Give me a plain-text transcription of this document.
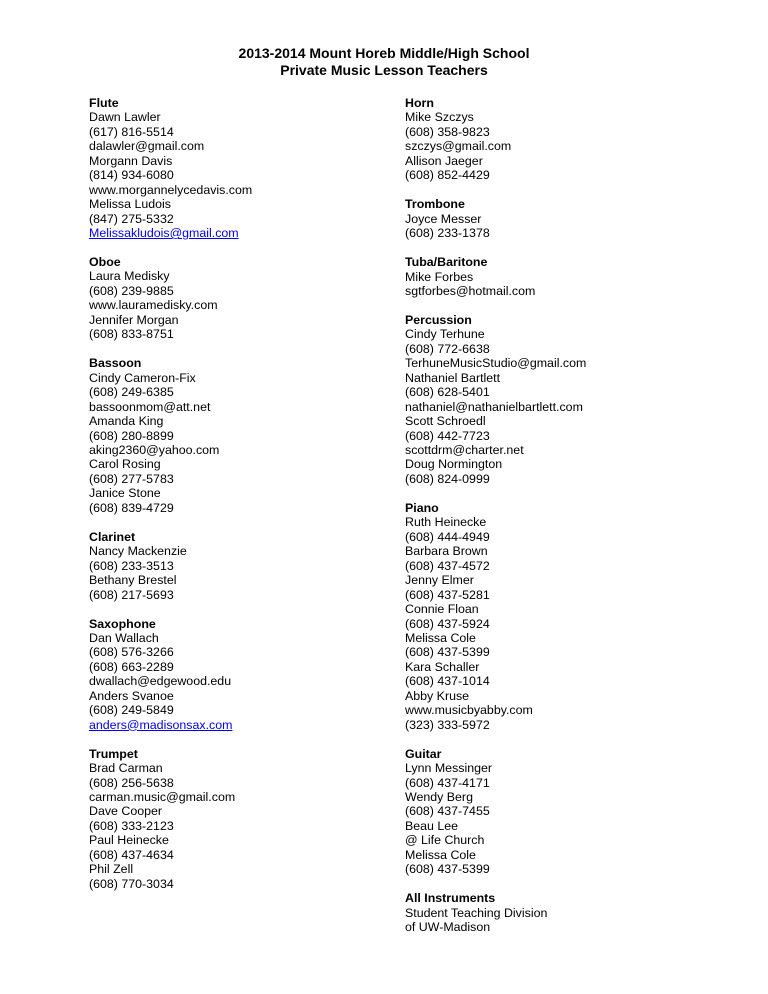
2013-2014 Mount Horeb Middle/High School
Private Music Lesson Teachers
Flute
Dawn Lawler
(617) 816-5514
dalawler@gmail.com
Morgann Davis
(814) 934-6080
www.morgannelycedavis.com
Melissa Ludois
(847) 275-5332
Melissakludois@gmail.com
Oboe
Laura Medisky
(608) 239-9885
www.lauramedisky.com
Jennifer Morgan
(608) 833-8751
Bassoon
Cindy Cameron-Fix
(608) 249-6385
bassoonmom@att.net
Amanda King
(608) 280-8899
aking2360@yahoo.com
Carol Rosing
(608) 277-5783
Janice Stone
(608) 839-4729
Clarinet
Nancy Mackenzie
(608) 233-3513
Bethany Brestel
(608) 217-5693
Saxophone
Dan Wallach
(608) 576-3266
(608) 663-2289
dwallach@edgewood.edu
Anders Svanoe
(608) 249-5849
anders@madisonsax.com
Trumpet
Brad Carman
(608) 256-5638
carman.music@gmail.com
Dave Cooper
(608) 333-2123
Paul Heinecke
(608) 437-4634
Phil Zell
(608) 770-3034
Horn
Mike Szczys
(608) 358-9823
szczys@gmail.com
Allison Jaeger
(608) 852-4429
Trombone
Joyce Messer
(608) 233-1378
Tuba/Baritone
Mike Forbes
sgtforbes@hotmail.com
Percussion
Cindy Terhune
(608) 772-6638
TerhuneMusicStudio@gmail.com
Nathaniel Bartlett
(608) 628-5401
nathaniel@nathanielbartlett.com
Scott Schroedl
(608) 442-7723
scottdrm@charter.net
Doug Normington
(608) 824-0999
Piano
Ruth Heinecke
(608) 444-4949
Barbara Brown
(608) 437-4572
Jenny Elmer
(608) 437-5281
Connie Floan
(608) 437-5924
Melissa Cole
(608) 437-5399
Kara Schaller
(608) 437-1014
Abby Kruse
www.musicbyabby.com
(323) 333-5972
Guitar
Lynn Messinger
(608) 437-4171
Wendy Berg
(608) 437-7455
Beau Lee
@ Life Church
Melissa Cole
(608) 437-5399
All Instruments
Student Teaching Division
of UW-Madison
